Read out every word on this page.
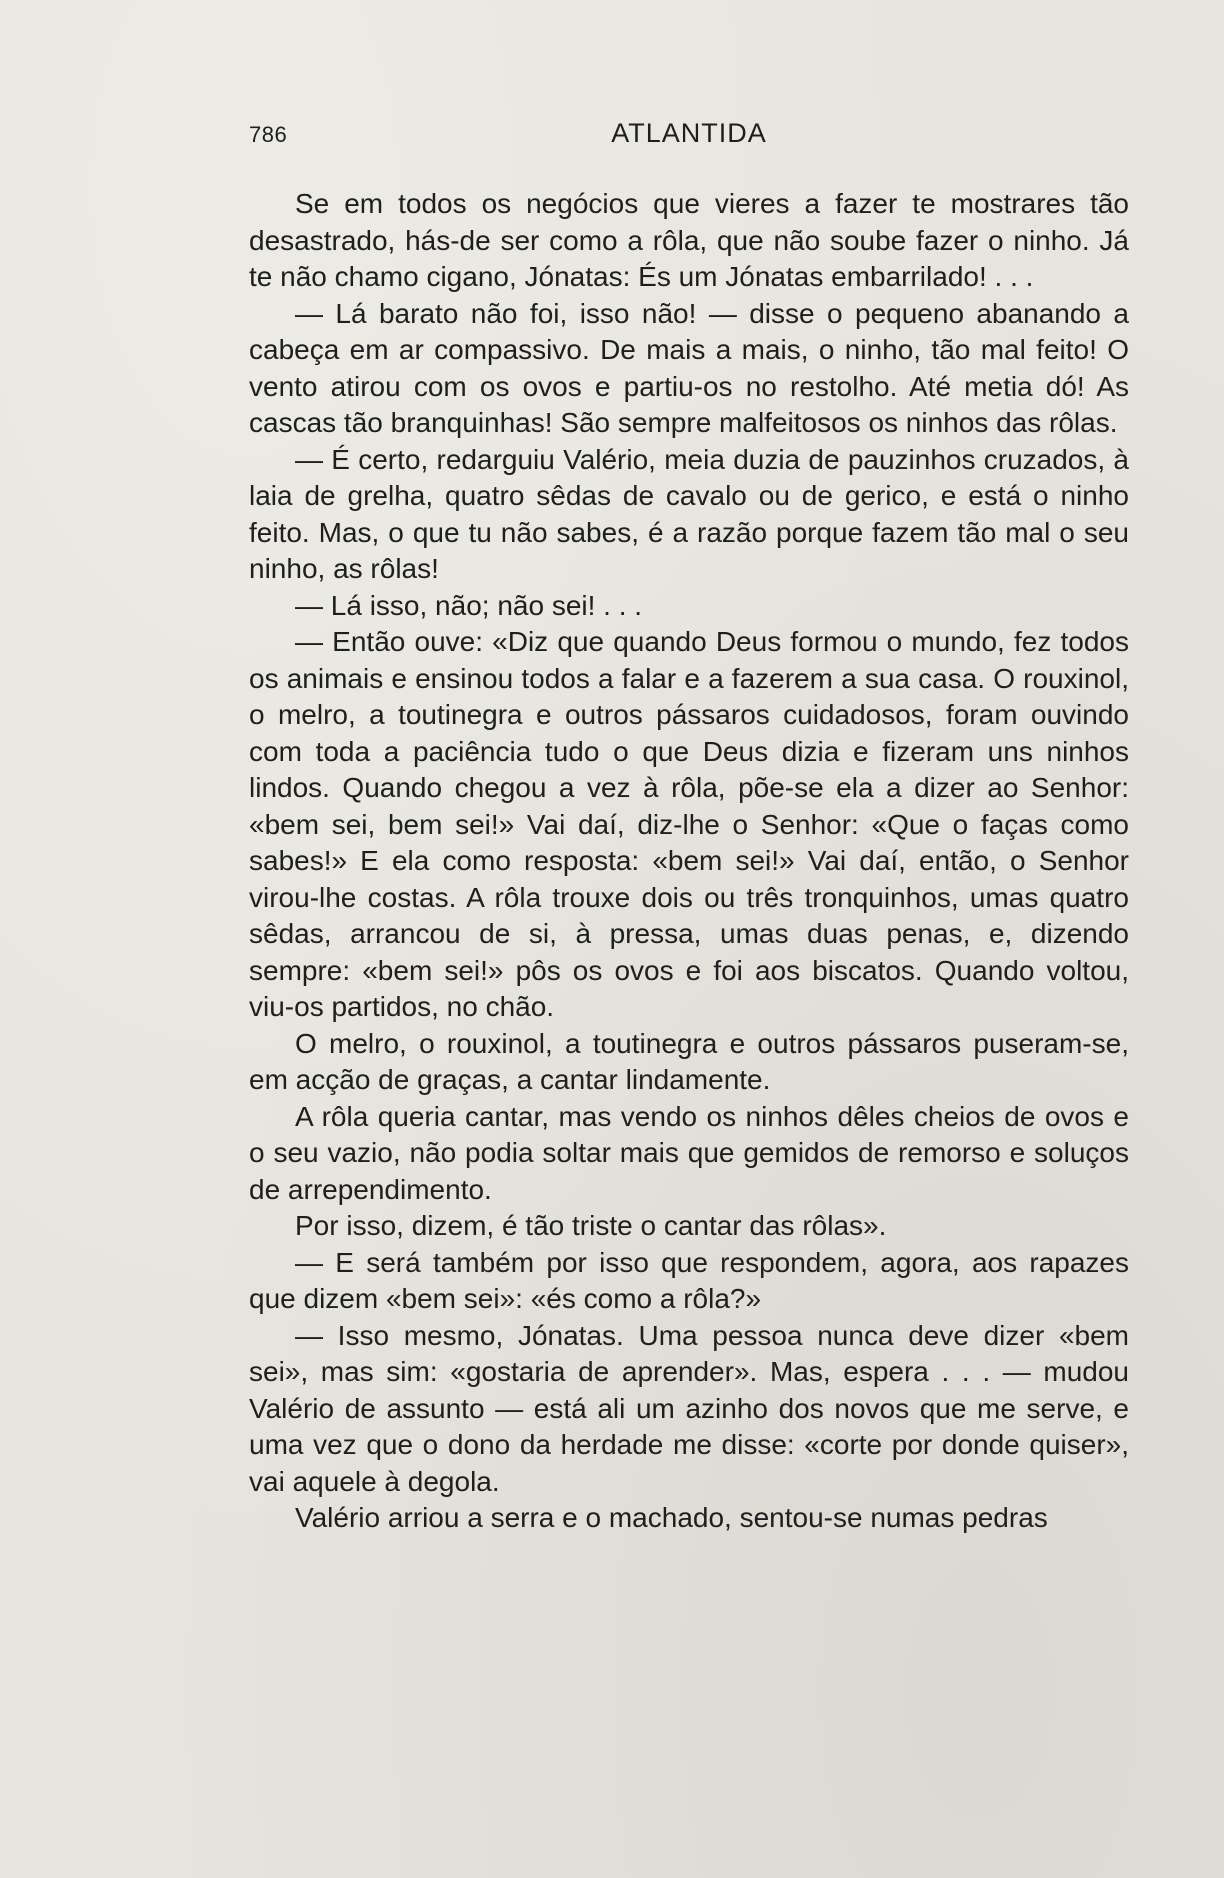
786	ATLANTIDA

Se em todos os negócios que vieres a fazer te mostrares tão desastrado, hás-de ser como a rôla, que não soube fazer o ninho. Já te não chamo cigano, Jónatas: És um Jónatas embarrilado! . . .

— Lá barato não foi, isso não! — disse o pequeno abanando a cabeça em ar compassivo. De mais a mais, o ninho, tão mal feito! O vento atirou com os ovos e partiu-os no restolho. Até metia dó! As cascas tão branquinhas! São sempre malfeitosos os ninhos das rôlas.

— É certo, redarguiu Valério, meia duzia de pauzinhos cruzados, à laia de grelha, quatro sêdas de cavalo ou de gerico, e está o ninho feito. Mas, o que tu não sabes, é a razão porque fazem tão mal o seu ninho, as rôlas!

— Lá isso, não; não sei! . . .

— Então ouve: «Diz que quando Deus formou o mundo, fez todos os animais e ensinou todos a falar e a fazerem a sua casa. O rouxinol, o melro, a toutinegra e outros pássaros cuidadosos, foram ouvindo com toda a paciência tudo o que Deus dizia e fizeram uns ninhos lindos. Quando chegou a vez à rôla, põe-se ela a dizer ao Senhor: «bem sei, bem sei!» Vai daí, diz-lhe o Senhor: «Que o faças como sabes!» E ela como resposta: «bem sei!» Vai daí, então, o Senhor virou-lhe costas. A rôla trouxe dois ou três tronquinhos, umas quatro sêdas, arrancou de si, à pressa, umas duas penas, e, dizendo sempre: «bem sei!» pôs os ovos e foi aos biscatos. Quando voltou, viu-os partidos, no chão.

O melro, o rouxinol, a toutinegra e outros pássaros puseram-se, em acção de graças, a cantar lindamente.

A rôla queria cantar, mas vendo os ninhos dêles cheios de ovos e o seu vazio, não podia soltar mais que gemidos de remorso e soluços de arrependimento.

Por isso, dizem, é tão triste o cantar das rôlas».

— E será também por isso que respondem, agora, aos rapazes que dizem «bem sei»: «és como a rôla?»

— Isso mesmo, Jónatas. Uma pessoa nunca deve dizer «bem sei», mas sim: «gostaria de aprender». Mas, espera . . . — mudou Valério de assunto — está ali um azinho dos novos que me serve, e uma vez que o dono da herdade me disse: «corte por donde quiser», vai aquele à degola.

Valério arriou a serra e o machado, sentou-se numas pedras
